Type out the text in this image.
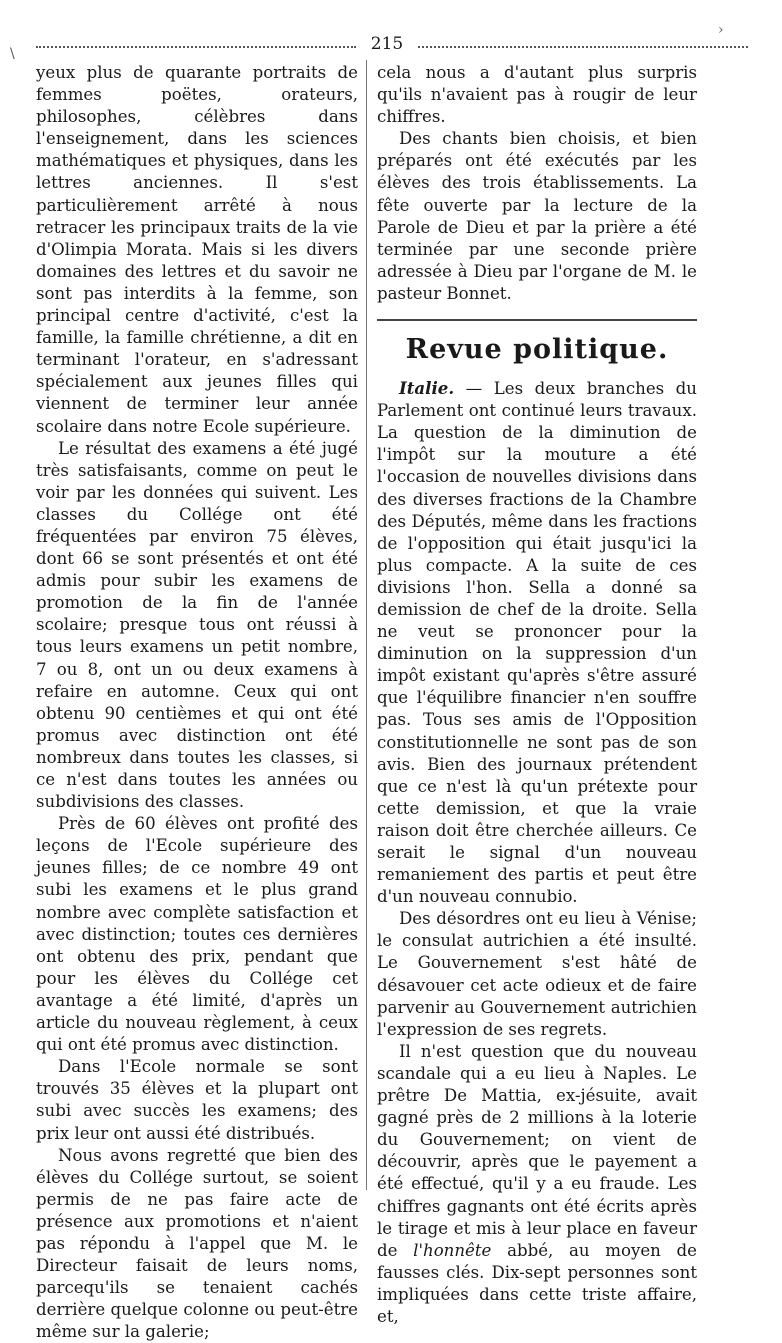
215
\
›

yeux plus de quarante portraits de femmes poëtes, orateurs, philosophes, célèbres dans l'enseignement, dans les sciences mathématiques et physiques, dans les lettres anciennes. Il s'est particulièrement arrêté à nous retracer les principaux traits de la vie d'Olimpia Morata. Mais si les divers domaines des lettres et du savoir ne sont pas interdits à la femme, son principal centre d'activité, c'est la famille, la famille chrétienne, a dit en terminant l'orateur, en s'adressant spécialement aux jeunes filles qui viennent de terminer leur année scolaire dans notre Ecole supérieure.

Le résultat des examens a été jugé très satisfaisants, comme on peut le voir par les données qui suivent. Les classes du Collége ont été fréquentées par environ 75 élèves, dont 66 se sont présentés et ont été admis pour subir les examens de promotion de la fin de l'année scolaire; presque tous ont réussi à tous leurs examens un petit nombre, 7 ou 8, ont un ou deux examens à refaire en automne. Ceux qui ont obtenu 90 centièmes et qui ont été promus avec distinction ont été nombreux dans toutes les classes, si ce n'est dans toutes les années ou subdivisions des classes.

Près de 60 élèves ont profité des leçons de l'Ecole supérieure des jeunes filles; de ce nombre 49 ont subi les examens et le plus grand nombre avec complète satisfaction et avec distinction; toutes ces dernières ont obtenu des prix, pendant que pour les élèves du Collége cet avantage a été limité, d'après un article du nouveau règlement, à ceux qui ont été promus avec distinction.

Dans l'Ecole normale se sont trouvés 35 élèves et la plupart ont subi avec succès les examens; des prix leur ont aussi été distribués.

Nous avons regretté que bien des élèves du Collége surtout, se soient permis de ne pas faire acte de présence aux promotions et n'aient pas répondu à l'appel que M. le Directeur faisait de leurs noms, parcequ'ils se tenaient cachés derrière quelque colonne ou peut-être même sur la galerie;

cela nous a d'autant plus surpris qu'ils n'avaient pas à rougir de leur chiffres.

Des chants bien choisis, et bien préparés ont été exécutés par les élèves des trois établissements. La fête ouverte par la lecture de la Parole de Dieu et par la prière a été terminée par une seconde prière adressée à Dieu par l'organe de M. le pasteur Bonnet.

Revue politique.

Italie. — Les deux branches du Parlement ont continué leurs travaux. La question de la diminution de l'impôt sur la mouture a été l'occasion de nouvelles divisions dans des diverses fractions de la Chambre des Députés, même dans les fractions de l'opposition qui était jusqu'ici la plus compacte. A la suite de ces divisions l'hon. Sella a donné sa demission de chef de la droite. Sella ne veut se prononcer pour la diminution on la suppression d'un impôt existant qu'après s'être assuré que l'équilibre financier n'en souffre pas. Tous ses amis de l'Opposition constitutionnelle ne sont pas de son avis. Bien des journaux prétendent que ce n'est là qu'un prétexte pour cette demission, et que la vraie raison doit être cherchée ailleurs. Ce serait le signal d'un nouveau remaniement des partis et peut être d'un nouveau connubio.

Des désordres ont eu lieu à Vénise; le consulat autrichien a été insulté. Le Gouvernement s'est hâté de désavouer cet acte odieux et de faire parvenir au Gouvernement autrichien l'expression de ses regrets.

Il n'est question que du nouveau scandale qui a eu lieu à Naples. Le prêtre De Mattia, ex-jésuite, avait gagné près de 2 millions à la loterie du Gouvernement; on vient de découvrir, après que le payement a été effectué, qu'il y a eu fraude. Les chiffres gagnants ont été écrits après le tirage et mis à leur place en faveur de l'honnête abbé, au moyen de fausses clés. Dix-sept personnes sont impliquées dans cette triste affaire, et,
